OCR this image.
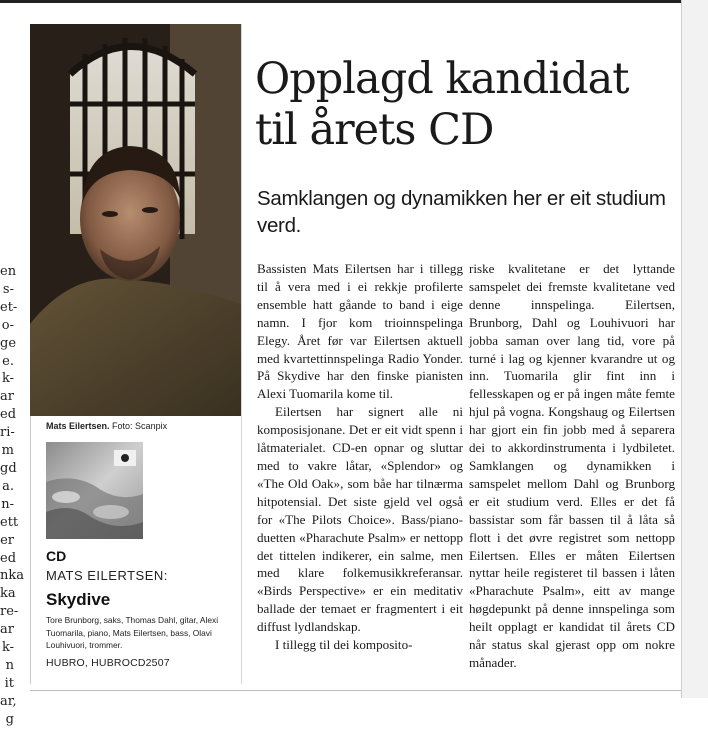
en
s-
et-
o-
ge
e.
k-
ar
ed
ri-
m
gd
a.
n-
ett
er
ed
nka
ka
re-
ar
k-
n
it
ar,
g
Mats Eilertsen. Foto: Scanpix
CD
MATS EILERTSEN:
Skydive
Tore Brunborg, saks, Thomas Dahl, gitar, Alexi Tuomarila, piano, Mats Eilertsen, bass, Olavi Louhivuori, trommer.
HUBRO, HUBROCD2507
Opplagd kandidat til årets CD
Samklangen og dynamikken her er eit studium verd.

Bassisten Mats Eilertsen har i tillegg til å vera med i ei rekkje profilerte ensemble hatt gåande to band i eige namn. I fjor kom trioinnspelinga Elegy. Året før var Eilertsen aktuell med kvartettinnspelinga Radio Yonder. På Skydive har den finske pianisten Alexi Tuomarila kome til.

Eilertsen har signert alle ni komposisjonane. Det er eit vidt spenn i låtmaterialet. CD-en opnar og sluttar med to vakre låtar, «Splendor» og «The Old Oak», som båe har tilnærma hitpotensial. Det siste gjeld vel også for «The Pilots Choice». Bass/piano-duetten «Pharachute Psalm» er nettopp det tittelen indikerer, ein salme, men med klare folkemusikkreferansar. «Birds Perspective» er ein meditativ ballade der temaet er fragmentert i eit diffust lydlandskap.

I tillegg til dei komposito-

riske kvalitetane er det lyttande samspelet dei fremste kvalitetane ved denne innspelinga. Eilertsen, Brunborg, Dahl og Louhivuori har jobba saman over lang tid, vore på turné i lag og kjenner kvarandre ut og inn. Tuomarila glir fint inn i fellesskapen og er på ingen måte femte hjul på vogna. Kongshaug og Eilertsen har gjort ein fin jobb med å separera dei to akkordinstrumenta i lydbiletet. Samklangen og dynamikken i samspelet mellom Dahl og Brunborg er eit studium verd. Elles er det få bassistar som får bassen til å låta så flott i det øvre registret som nettopp Eilertsen. Elles er måten Eilertsen nyttar heile registeret til bassen i låten «Pharachute Psalm», eitt av mange høgdepunkt på denne innspelinga som heilt opplagt er kandidat til årets CD når status skal gjerast opp om nokre månader.
